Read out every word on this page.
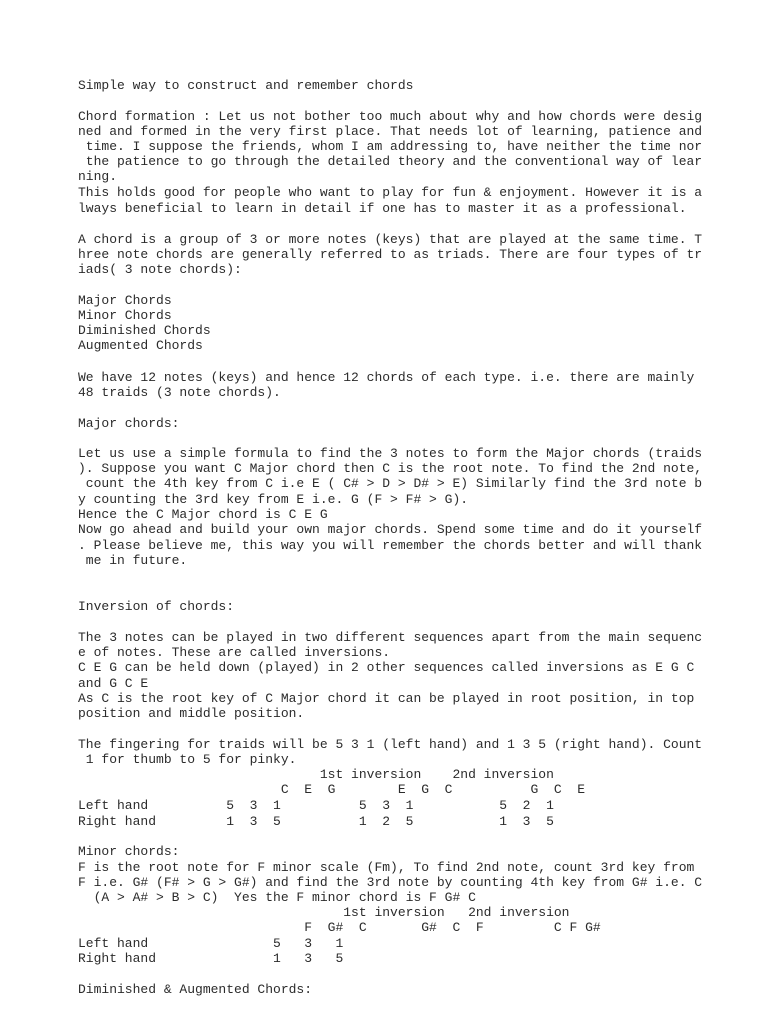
Simple way to construct and remember chords

Chord formation : Let us not bother too much about why and how chords were desig

ned and formed in the very first place. That needs lot of learning, patience and

time. I suppose the friends, whom I am addressing to, have neither the time nor

the patience to go through the detailed theory and the conventional way of lear

ning.

This holds good for people who want to play for fun & enjoyment. However it is a

lways beneficial to learn in detail if one has to master it as a professional.

A chord is a group of 3 or more notes (keys) that are played at the same time. T

hree note chords are generally referred to as triads. There are four types of tr

iads( 3 note chords):

Major Chords

Minor Chords

Diminished Chords

Augmented Chords

We have 12 notes (keys) and hence 12 chords of each type. i.e. there are mainly

48 traids (3 note chords).

Major chords:

Let us use a simple formula to find the 3 notes to form the Major chords (traids

). Suppose you want C Major chord then C is the root note. To find the 2nd note,

count the 4th key from C i.e E ( C# > D > D# > E) Similarly find the 3rd note b

y counting the 3rd key from E i.e. G (F > F# > G).

Hence the C Major chord is C E G

Now go ahead and build your own major chords. Spend some time and do it yourself

. Please believe me, this way you will remember the chords better and will thank

me in future.

Inversion of chords:

The 3 notes can be played in two different sequences apart from the main sequenc

e of notes. These are called inversions.

C E G can be held down (played) in 2 other sequences called inversions as E G C

and G C E

As C is the root key of C Major chord it can be played in root position, in top

position and middle position.

The fingering for traids will be 5 3 1 (left hand) and 1 3 5 (right hand). Count

1 for thumb to 5 for pinky.

1st inversion    2nd inversion

C  E  G        E  G  C          G  C  E

Left hand          5  3  1          5  3  1           5  2  1

Right hand         1  3  5          1  2  5           1  3  5

Minor chords:

F is the root note for F minor scale (Fm), To find 2nd note, count 3rd key from

F i.e. G# (F# > G > G#) and find the 3rd note by counting 4th key from G# i.e. C

(A > A# > B > C)  Yes the F minor chord is F G# C

1st inversion   2nd inversion

F  G#  C       G#  C  F         C F G#

Left hand                5   3   1

Right hand               1   3   5

Diminished & Augmented Chords:
